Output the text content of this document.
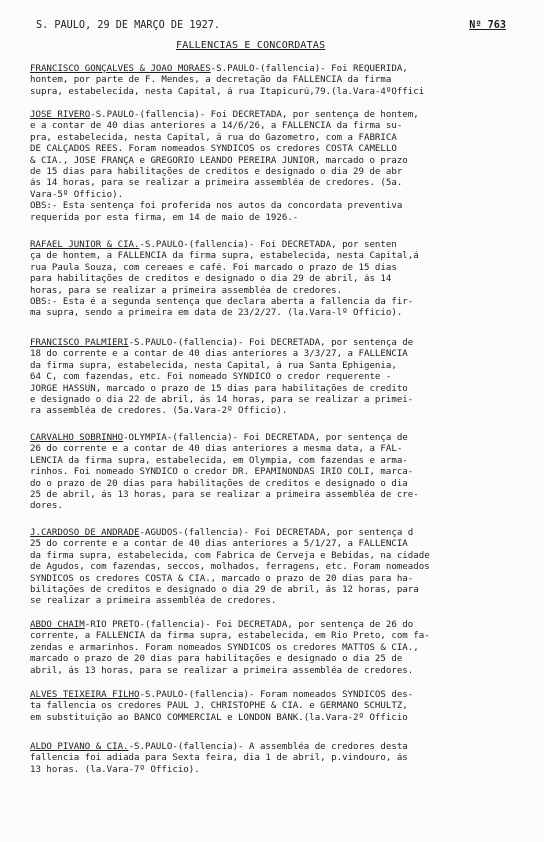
S. PAULO, 29 DE MARÇO DE 1927.

	Nº 763

FALLENCIAS E CONCORDATAS

FRANCISCO GONÇALVES & JOÃO MORAES-S.PAULO-(fallencia)- Foi REQUERIDA,

hontem, por parte de F. Mendes, a decretação da FALLENCIA da firma

supra, estabelecida, nesta Capital, á rua Itapicurú,79.(la.Vara-4ºOffici

JOSÉ RIVERO-S.PAULO-(fallencia)- Foi DECRETADA, por sentença de hontem,

e a contar de 40 dias anteriores a 14/6/26, a FALLENCIA da firma su-

pra, estabelecida, nesta Capital, á rua do Gazometro, com a FABRICA

DE CALÇADOS REES. Foram nomeados SYNDICOS os credores COSTA CAMELLO

& CIA., JOSÉ FRANÇA e GREGORIO LEANDO PEREIRA JUNIOR, marcado o prazo

de 15 dias para habilitações de creditos e designado o dia 29 de abr

ás 14 horas, para se realizar a primeira assembléa de credores. (5a.

Vara-5º Officio).

OBS:- Esta sentença foi proferida nos autos da concordata preventiva

requerida por esta firma, em 14 de maio de 1926.-

RAFAEL JUNIOR & CIA.-S.PAULO-(fallencia)- Foi DECRETADA, por senten

ça de hontem, a FALLENCIA da firma supra, estabelecida, nesta Capital,á

rua Paula Souza, com cereaes e café. Foi marcado o prazo de 15 dias

para habilitações de creditos e designado o dia 29 de abril, ás 14

horas, para se realizar a primeira assembléa de credores.

OBS:- Esta é a segunda sentença que declara aberta a fallencia da fir-

ma supra, sendo a primeira em data de 23/2/27. (la.Vara-lº Officio).

FRANCISCO PALMIERI-S.PAULO-(fallencia)- Foi DECRETADA, por sentença de

18 do corrente e a contar de 40 dias anteriores a 3/3/27, a FALLENCIA

da firma supra, estabelecida, nesta Capital, á rua Santa Ephigenia,

64 C, com fazendas, etc. Foi nomeado SYNDICO o credor requerente -

JORGE HASSUN, marcado o prazo de 15 dias para habilitações de credito

e designado o dia 22 de abril, ás 14 horas, para se realizar a primei-

ra assembléa de credores. (5a.Vara-2º Officio).

CARVALHO SOBRINHO-OLYMPIA-(fallencia)- Foi DECRETADA, por sentença de

26 do corrente e a contar de 40 dias anteriores a mesma data, a FAL-

LENCIA da firma supra, estabelecida, em Olympia, com fazendas e arma-

rinhos. Foi nomeado SYNDICO o credor DR. EPAMINONDAS IRIO COLI, marca-

do o prazo de 20 dias para habilitações de creditos e designado o dia

25 de abril, ás 13 horas, para se realizar a primeira assembléa de cre-

dores.

J.CARDOSO DE ANDRADE-AGUDOS-(fallencia)- Foi DECRETADA, por sentença d

25 do corrente e a contar de 40 dias anteriores a 5/1/27, a FALLENCIA

da firma supra, estabelecida, com Fabrica de Cerveja e Bebidas, na cidade

de Agudos, com fazendas, seccos, molhados, ferragens, etc. Foram nomeados

SYNDICOS os credores COSTA & CIA., marcado o prazo de 20 dias para ha-

bilitações de creditos e designado o dia 29 de abril, ás 12 horas, para

se realizar a primeira assembléa de credores.

ABDO CHAIM-RIO PRETO-(fallencia)- Foi DECRETADA, por sentença de 26 do

corrente, a FALLENCIA da firma supra, estabelecida, em Rio Preto, com fa-

zendas e armarinhos. Foram nomeados SYNDICOS os credores MATTOS & CIA.,

marcado o prazo de 20 dias para habilitações e designado o dia 25 de

abril, ás 13 horas, para se realizar a primeira assembléa de credores.

ALVES TEIXEIRA FILHO-S.PAULO-(fallencia)- Foram nomeados SYNDICOS des-

ta fallencia os credores PAUL J. CHRISTOPHE & CIA. e GERMANO SCHULTZ,

em substituição ao BANCO COMMERCIAL e LONDON BANK.(la.Vara-2º Officio

ALDO PIVANO & CIA.-S.PAULO-(fallencia)- A assembléa de credores desta

fallencia foi adiada para Sexta feira, dia 1 de abril, p.vindouro, ás

13 horas. (la.Vara-7º Officio).
